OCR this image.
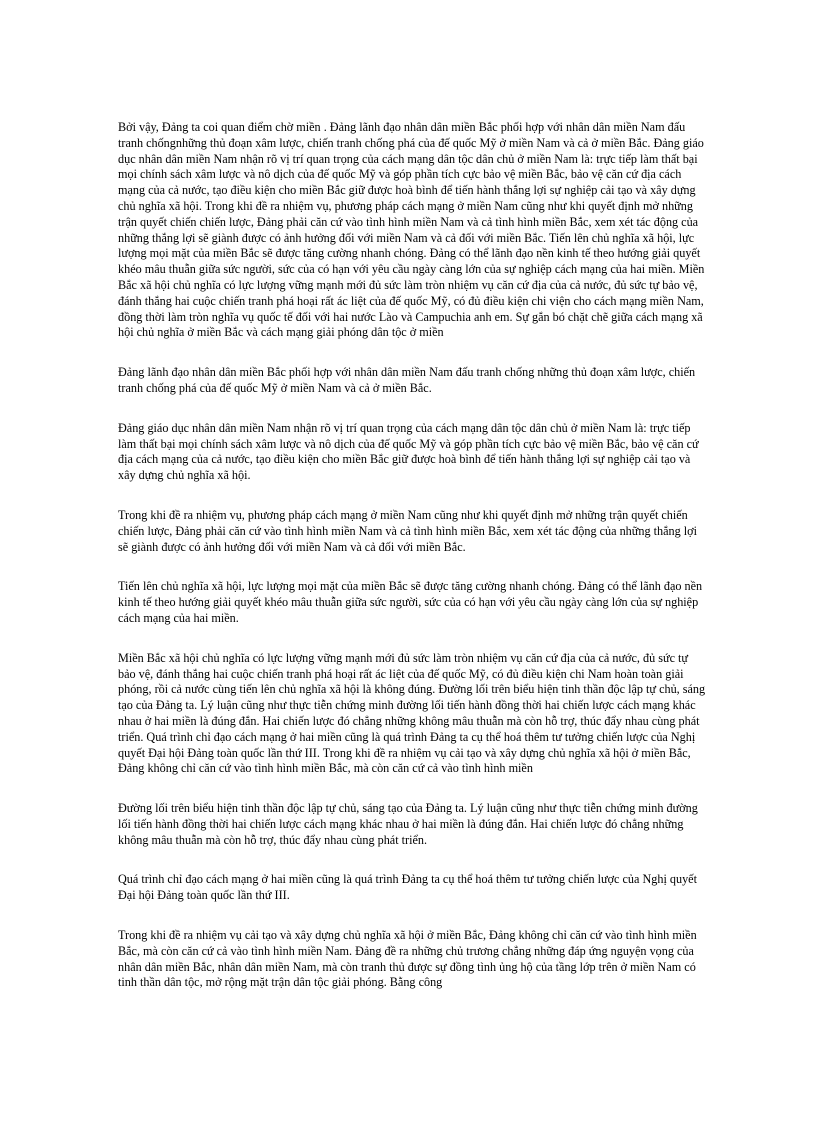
Bởi vậy, Đảng ta coi quan điểm chờ miền . Đảng lãnh đạo nhân dân miền Bắc phối hợp với nhân dân miền Nam đấu tranh chốngnhững thủ đoạn xâm lược, chiến tranh chống phá của đế quốc Mỹ ở miền Nam và cả ở miền Bắc. Đảng giáo dục nhân dân miền Nam nhận rõ vị trí quan trọng của cách mạng dân tộc dân chủ ở miền Nam là: trực tiếp làm thất bại mọi chính sách xâm lược và nô dịch của đế quốc Mỹ và góp phần tích cực bảo vệ miền Bắc, bảo vệ căn cứ địa cách mạng của cả nước, tạo điều kiện cho miền Bắc giữ được hoà bình để tiến hành thắng lợi sự nghiệp cải tạo và xây dựng chủ nghĩa xã hội. Trong khi đề ra nhiệm vụ, phương pháp cách mạng ở miền Nam cũng như khi quyết định mở những trận quyết chiến chiến lược, Đảng phải căn cứ vào tình hình miền Nam và cả tình hình miền Bắc, xem xét tác động của những thắng lợi sẽ giành được có ảnh hưởng đối với miền Nam và cả đối với miền Bắc. Tiến lên chủ nghĩa xã hội, lực lượng mọi mặt của miền Bắc sẽ được tăng cường nhanh chóng. Đảng có thể lãnh đạo nền kinh tế theo hướng giải quyết khéo mâu thuẫn giữa sức người, sức của có hạn với yêu cầu ngày càng lớn của sự nghiệp cách mạng của hai miền. Miền Bắc xã hội chủ nghĩa có lực lượng vững mạnh mới đủ sức làm tròn nhiệm vụ căn cứ địa của cả nước, đủ sức tự bảo vệ, đánh thắng hai cuộc chiến tranh phá hoại rất ác liệt của đế quốc Mỹ, có đủ điều kiện chi viện cho cách mạng miền Nam, đồng thời làm tròn nghĩa vụ quốc tế đối với hai nước Lào và Campuchia anh em. Sự gắn bó chặt chẽ giữa cách mạng xã hội chủ nghĩa ở miền Bắc và cách mạng giải phóng dân tộc ở miền

Đảng lãnh đạo nhân dân miền Bắc phối hợp với nhân dân miền Nam đấu tranh chống những thủ đoạn xâm lược, chiến tranh chống phá của đế quốc Mỹ ở miền Nam và cả ở miền Bắc.

Đảng giáo dục nhân dân miền Nam nhận rõ vị trí quan trọng của cách mạng dân tộc dân chủ ở miền Nam là: trực tiếp làm thất bại mọi chính sách xâm lược và nô dịch của đế quốc Mỹ và góp phần tích cực bảo vệ miền Bắc, bảo vệ căn cứ địa cách mạng của cả nước, tạo điều kiện cho miền Bắc giữ được hoà bình để tiến hành thắng lợi sự nghiệp cải tạo và xây dựng chủ nghĩa xã hội.

Trong khi đề ra nhiệm vụ, phương pháp cách mạng ở miền Nam cũng như khi quyết định mở những trận quyết chiến chiến lược, Đảng phải căn cứ vào tình hình miền Nam và cả tình hình miền Bắc, xem xét tác động của những thắng lợi sẽ giành được có ảnh hưởng đối với miền Nam và cả đối với miền Bắc.

Tiến lên chủ nghĩa xã hội, lực lượng mọi mặt của miền Bắc sẽ được tăng cường nhanh chóng. Đảng có thể lãnh đạo nền kinh tế theo hướng giải quyết khéo mâu thuẫn giữa sức người, sức của có hạn với yêu cầu ngày càng lớn của sự nghiệp cách mạng của hai miền.

Miền Bắc xã hội chủ nghĩa có lực lượng vững mạnh mới đủ sức làm tròn nhiệm vụ căn cứ địa của cả nước, đủ sức tự bảo vệ, đánh thắng hai cuộc chiến tranh phá hoại rất ác liệt của đế quốc Mỹ, có đủ điều kiện chi Nam hoàn toàn giải phóng, rồi cả nước cùng tiến lên chủ nghĩa xã hội là không đúng. Đường lối trên biểu hiện tinh thần độc lập tự chủ, sáng tạo của Đảng ta. Lý luận cũng như thực tiễn chứng minh đường lối tiến hành đồng thời hai chiến lược cách mạng khác nhau ở hai miền là đúng đắn. Hai chiến lược đó chẳng những không mâu thuẫn mà còn hỗ trợ, thúc đẩy nhau cùng phát triển. Quá trình chỉ đạo cách mạng ở hai miền cũng là quá trình Đảng ta cụ thể hoá thêm tư tưởng chiến lược của Nghị quyết Đại hội Đảng toàn quốc lần thứ III. Trong khi đề ra nhiệm vụ cải tạo và xây dựng chủ nghĩa xã hội ở miền Bắc, Đảng không chỉ căn cứ vào tình hình miền Bắc, mà còn căn cứ cả vào tình hình miền

Đường lối trên biểu hiện tinh thần độc lập tự chủ, sáng tạo của Đảng ta. Lý luận cũng như thực tiễn chứng minh đường lối tiến hành đồng thời hai chiến lược cách mạng khác nhau ở hai miền là đúng đắn. Hai chiến lược đó chẳng những không mâu thuẫn mà còn hỗ trợ, thúc đẩy nhau cùng phát triển.

Quá trình chỉ đạo cách mạng ở hai miền cũng là quá trình Đảng ta cụ thể hoá thêm tư tưởng chiến lược của Nghị quyết Đại hội Đảng toàn quốc lần thứ III.

Trong khi đề ra nhiệm vụ cải tạo và xây dựng chủ nghĩa xã hội ở miền Bắc, Đảng không chỉ căn cứ vào tình hình miền Bắc, mà còn căn cứ cả vào tình hình miền Nam. Đảng đề ra những chủ trương chẳng những đáp ứng nguyện vọng của nhân dân miền Bắc, nhân dân miền Nam, mà còn tranh thủ được sự đồng tình ủng hộ của tầng lớp trên ở miền Nam có tinh thần dân tộc, mở rộng mặt trận dân tộc giải phóng. Bằng công
